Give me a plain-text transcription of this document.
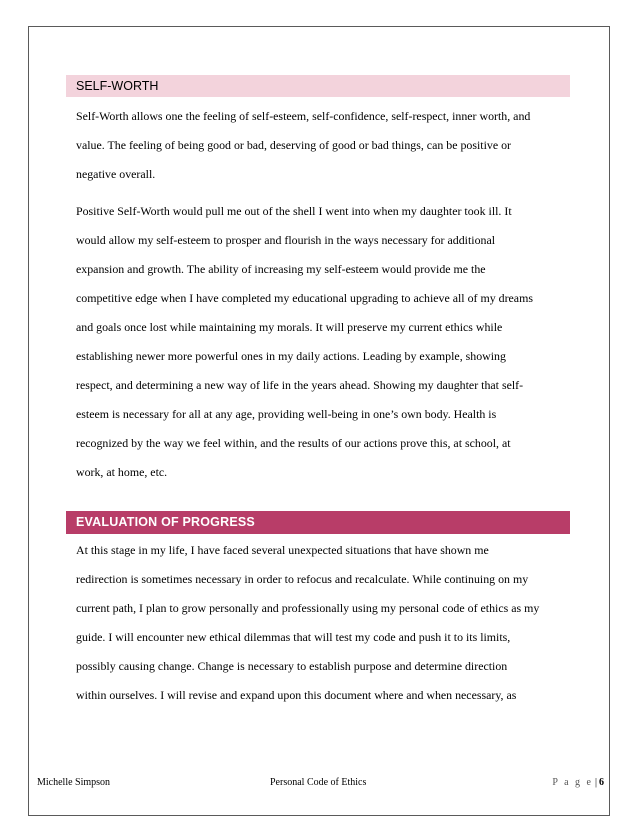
SELF-WORTH

Self-Worth allows one the feeling of self-esteem, self-confidence, self-respect, inner worth, and
value. The feeling of being good or bad, deserving of good or bad things, can be positive or
negative overall.

Positive Self-Worth would pull me out of the shell I went into when my daughter took ill. It
would allow my self-esteem to prosper and flourish in the ways necessary for additional
expansion and growth. The ability of increasing my self-esteem would provide me the
competitive edge when I have completed my educational upgrading to achieve all of my dreams
and goals once lost while maintaining my morals. It will preserve my current ethics while
establishing newer more powerful ones in my daily actions. Leading by example, showing
respect, and determining a new way of life in the years ahead. Showing my daughter that self-
esteem is necessary for all at any age, providing well-being in one’s own body. Health is
recognized by the way we feel within, and the results of our actions prove this, at school, at
work, at home, etc.

EVALUATION OF PROGRESS

At this stage in my life, I have faced several unexpected situations that have shown me
redirection is sometimes necessary in order to refocus and recalculate. While continuing on my
current path, I plan to grow personally and professionally using my personal code of ethics as my
guide. I will encounter new ethical dilemmas that will test my code and push it to its limits,
possibly causing change. Change is necessary to establish purpose and determine direction
within ourselves. I will revise and expand upon this document where and when necessary, as

Michelle Simpson	Personal Code of Ethics	P a g e | 6
